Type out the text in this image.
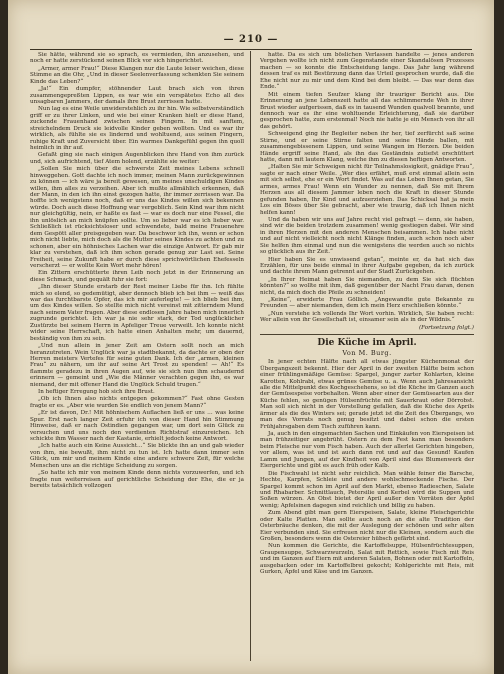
— 210 —

Sie hätte, während sie so sprach, es vermieden, ihn anzusehen, und noch er hatte zerstückend seinen Blick vor sich hingerichtet.

„Armer, armer Frau!“ Diese Klangen nur die Laute leiser weichen, diese Stimme an die Ohr, „Und in dieser Seelenverfassung schenkten Sie seinem Kinde das Leben?“

„Ja!“ Ein dumpfer, stöhnender Laut brach sich von ihren zusammengepreßten Lippen, es war wie ein verspätetes Echo all des unsagbaren Jammers, der damals ihre Brust zerrissen hatte.

Nun lag es eine Weile unwiderstehlich zu ihr hin. Wie selbstverständlich griff er zu ihrer Linken, und wie bei einer Kranken hielt er diese Hand, zuckende Frauenhand zwischen seinen Fingern. In mit sanftem, streichelndem Druck sie leidvolle Kinder geben wollten. Und es war ihr wirklich, als fühlte sie es lindernd und wohltuend, aus seinen Fingern, ruhige Kraft und Zuversicht über. Ein warmes Dankgefühl gegen ihn quoll heimlich in ihr auf.

Gefaßt ging sie nach einigen Augenblicken ihre Hand von ihm zurück und, sich aufrichtend, tief Atem holend, erzählte sie weiter:

„Sollen Sie mich über die schwerste Zeit meines Lebens schnell hinweggehen. Gott dachte ich noch immer, meinen Mann zurückgewinnen zu können — ich wäre ja bereit gewesen, um meines unschuldigen Kindes willen, ihm alles zu verzeihen. Aber ich mußte allmählich erkennen, daß der Mann, in den ich ihn einst gezogen hatte, ihr immer zerrissen war. Da hoffte ich wenigstens noch, daß er uns das Kindes willen sich bekennen würde. Doch auch diese Hoffnung war vergeblich. Sein Kind war ihm nicht nur gleichgültig, nein, er haßte es fast — war es doch nur eine Fessel, die ihn unlöslich an mich knüpfen sollte. Um so lieber war es ich lieber war. Schließlich ist rücksichtsloser und schwendete, bald meine Frauenehre dem Gespött aller preisgegeben war. Da beschwor ich ihn, wenn er schon mich nicht liebte, mich doch als die Mutter seines Kindes zu achten und zu schonen, aber ein höhnisches Lachen war die einzige Antwort. Er gab mir klar zu verstehen, daß ich ihm schon gerade genug zur Last sei. Seine Freiheit, seine Zukunft habe er durch diese sprichwörtlichen Ehefesseln verscherzt — er wollte Kein Wort mehr hören!

Ein Zittern erschütterte ihren Leib noch jetzt in der Erinnerung an diese Schmach, und gequält fuhr sie fort:

„Ihn dieser Stunde erstarb der Rest meiner Liebe für ihn. Ich fühlte mich so elend, so gedemütigt, aber dennoch blieb ich bei ihm — weiß das war das furchtbarste Opfer, das ich mir auferlegte! — ich blieb bei ihm, um des Kindes willen. So stellte mich nicht vereinst mit zitterndem Mund nach seinem Vater fragen. Aber diese endlosen Jahre haben mich innerlich zugrunde gerichtet. Ich war ja nie sehr stark, der Tod unglücklicher Zustürzte bei seinem Herrn in Apfeliger Treue verweilt. Ich konnte nicht wider seine Herrschaft, ich hatte einen Anhalten mehr, um dauernd, beständig von ihm zu sein.

„Und nun allein in jener Zeit am Ostern sollt noch an mich heranzutreten. Wein Unglück war ja stadtbekannt, da dachte er oben der Herren meisters Vertefes für seine guten Dank. Ich der „armen, kleinen Frau“ zu nähern, um ihr auf seine Art Trost zu spenden! — Ah!“ Es flammte geradezu in ihren Augen auf, wie sie sich nun ihm schaudernd erinnern — gemeint und „Wie die Männer verachten gegen ihn, es war niemand, der mit offener Hand die Unglück Schuld trugen.“

In heftiger Erregung hob sich ihre Brust.

„Ob ich Ihnen also nichts entgegen gekommen?“ Fast ohne Gesten fragte er es. „Aber wie wurden Sie endlich von jenem Mann?“

„Er ist davon, Dr.! Mit höhnischem Auflachen ließ er uns … was keine Spur. Erst nach langer Zeit erfuhr ich von dieser Hand hin Stimmung Hinweise, daß er nach Ostindien gegangen war, um dort sein Glück zu versuchen und uns noch den verdienten Richtstraf einzureichen. Ich schickte ihm Wasser nach der Kastanie, erhielt jedoch keine Antwort.

„Ich hatte auch ein Keine Aussicht…“ Sie blickte ihn an und gab wieder von ihm, nie bewußt, ihm nicht zu tun ist. Ich hatte dann immer sein Glück, um mir und meinem Kinde eine andere schwere Zeit, für welche Menschen uns an die richtige Scheidung zu sorgen.

„So hatte ich mir von meinem Kinde denn nichts vorzuwerfen, und ich fragte nun weiterreisen auf gerichtliche Scheidung der Ehe, die er ja bereits tatsächlich vollzogen

hatte. Da es sich um böslichen Verlassen handelte — jenes anderen Vergehen wollte ich nicht zum Gegenstande einer Skandalösen Prozesses machen — so konnte die Entscheidung lange. Das Jahr lang während dessen traf es mit Bestürzung dann das Urteil gesprochen wurde, daß die Ehe nicht nur zu mir und dem Kind bei dem bleibt. — Das war denn das Ende.“

Mit einem tiefen Seufzer klang ihr trauriger Bericht aus. Die Erinnerung an jene Lebenszeit hatte all das schlimmernde Weh in ihrer Brust wieder aufgerissen, daß es in tausend Wunden qualvoll brannte, und dennoch war es ihr eine wohltuende Erleichterung, daß sie darüber gesprochen hatte, zum erstenmal! Noch nie hatte je ein Mensch von ihr all das gehört.

Schweigend ging ihr Begleiter neben ihr her, tief zerfürcht saß seine Stirne, und er seine Stirne falten und seine Hände ballen, mit zusammengebissenem Lippen, und seine Wangen im Herzen. Die beiden Hände ergriff seine Hand, als ihn das Geständnis zutiefst erschüttert hatte, dann mit lautem Klang, welche ihm zu diesen heftigen Antworten.

„Halten Sie mir Schweigen nicht für Teilnahmslosigkeit, gnädige Frau“, sagte er nach einer Weile. „Wer dies erfährt, muß erst einmal allein sein mit sich selbst, ehe er ein Wort findet. Was auf das Leben Ihnen getan, Sie armes, armes Frau! Wenn ein Wunder zu nennen, daß Sie mit Ihrem Herzen aus all diesem Jammer leben noch die Kraft in dieser Stunde gefunden haben, Ihr Kind und aufzuerziehen. Das Schicksal hat ja mein Los ein Böses über Sie gebracht, aber wie traurig, daß ich Ihnen nicht helfen kann!

Und da haben wir uns auf Jahre recht viel gefragt — denn, sie haben, sind wir die beiden trotzdem zusammen! wenig gestiegen dabei. Wir sind in ihren Herzen mit den anderen Menschen beisammen. Ich habe nicht und auf nicht vielleicht noch nicht Klänge finden, auch schon noch aber Sie helfen ihm einmal und nun die wenigstens die werden auch so nichts so glücklich aus ihr Zeit.“

Hier haben Sie es unwissend getan“, meinte er, da hat sich das Erzählen, für uns beide einmal in ihrer Aufgabe gegeben, da ich zurück und dachte ihrem Mann getrennt auf der Stadt Zurückgehen.

„In Ihrer Heimat haben Sie niemanden, zu dem Sie sich flüchten könnten?“ so wollte mit ihm, daß gegenüber der Nacht Frau daran, denen nicht, da mich doch die Pfeile zu schneiden!

„Keine“, erwiderte Frau Göllich. „Angewandte gute Bekannte zu Freunden — aber niemanden, dem ich mein Herz erschließen könnte.“

„Nun verstehe ich vollends Ihr Wort vorhin. Wirklich, Sie haben recht: Wer allein von ihr Gesellschaft ist, einsamer sein als in der Wildnis.“

(Fortsetzung folgt.)
Die Küche im April.
Von M. Burg.

In jener echten Hälfte nach all etwas jüngster Küchenmonat der Übergangszeit bekennt. Hier der April in der zweiten Hälfte beim schon einer frühlingsmäßige Gemüse: Spargel, junger zarter Kohlarten, kleine Karotten, Kohlrabi, etwas grünes Gemüse u. a. Wenn auch Jahresansicht alle die Mittelpunkt des Kochgeschehens, so ist die Küche im Ganzen auch der Gemüsespeise vorbehalten. Wenn aber einer der Gemüsearten aus der Küche fehlen, so genügen Hülsenfrüchte mit Sauerkraut oder Dörrobst. Man soll sich nicht in der Vorstellung gefallen, daß die Küche des Aprils ärmer als die des Winters sei; gerade jetzt ist die Zeit des Übergangs, wo man des Vorrats noch genug besitzt und dabei schon die ersten Frühjahrsgaben dem Tisch zuführen kann.

Ja, auch in den eingemachten Sachen und Einkäufen von Eierspeisen ist man frühzeitiger angebrüht. Ostern zu dem Fest kann man besonders beim Fleische nur vom Fisch haben. Auch der allerlei Gerichten hingeben, vor allem, was ist und ist auch dann rot und auf das Gesund! Kaufen Lamm und Jungen, auf der Kindheit von April sind das Blumenwerk der Eiergerichte und gibt es auch früh oder Kalb.

Die Fischwahl ist nicht sehr reichlich. Man wähle feiner die Barsche, Hechte, Karpfen, Schleie und andere wohlschmeckende Fische. Der Spargel kommt schon im April auf den Markt, ebenso Radieschen, Salate und Rhabarber. Schnittlauch, Petersilie und Kerbel wird die Suppen und Soßen würzen. An Obst bietet der April außer den Vorräten der Äpfel wenig; Apfelsinen dagegen sind reichlich und billig zu haben.

Zum Abend gibt man gern Eierspeisen, Salate, kleine Fleischgerichte oder Kalte Platten. Man sollte auch noch an die alte Tradition der Osterbräuche denken, die mit der Auslegung der schönen und sehr alten Eier verbunden sind. Sie erfreuen nicht nur die Kleinen, sondern auch die Großen, besonders wenn die Ostereier hübsch gefärbt sind.

Nun kommen die Gerichte, die Kartoffelsuppe, Hülsenfrüchtesuppen, Graupensuppe, Schwarzwurzeln, Salat mit Rettich, sowie Fisch mit Reis und im Ganzen auf Eiern mit anderen Salaten, Bohnen oder mit Kartoffeln, ausgebacken oder im Kartoffelbrei gekocht; Kohlgerichte mit Reis, mit Gurken, Äpfel und Käse und im Ganzen.
